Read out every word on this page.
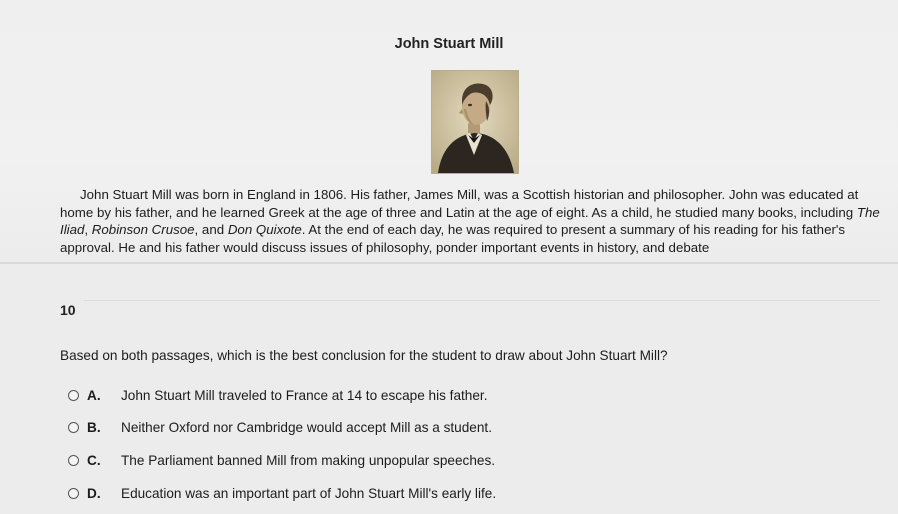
John Stuart Mill

John Stuart Mill was born in England in 1806. His father, James Mill, was a Scottish historian and philosopher. John was educated at home by his father, and he learned Greek at the age of three and Latin at the age of eight. As a child, he studied many books, including The Iliad, Robinson Crusoe, and Don Quixote. At the end of each day, he was required to present a summary of his reading for his father's approval. He and his father would discuss issues of philosophy, ponder important events in history, and debate

10
Based on both passages, which is the best conclusion for the student to draw about John Stuart Mill?
A.	John Stuart Mill traveled to France at 14 to escape his father.
B.	Neither Oxford nor Cambridge would accept Mill as a student.
C.	The Parliament banned Mill from making unpopular speeches.
D.	Education was an important part of John Stuart Mill's early life.
